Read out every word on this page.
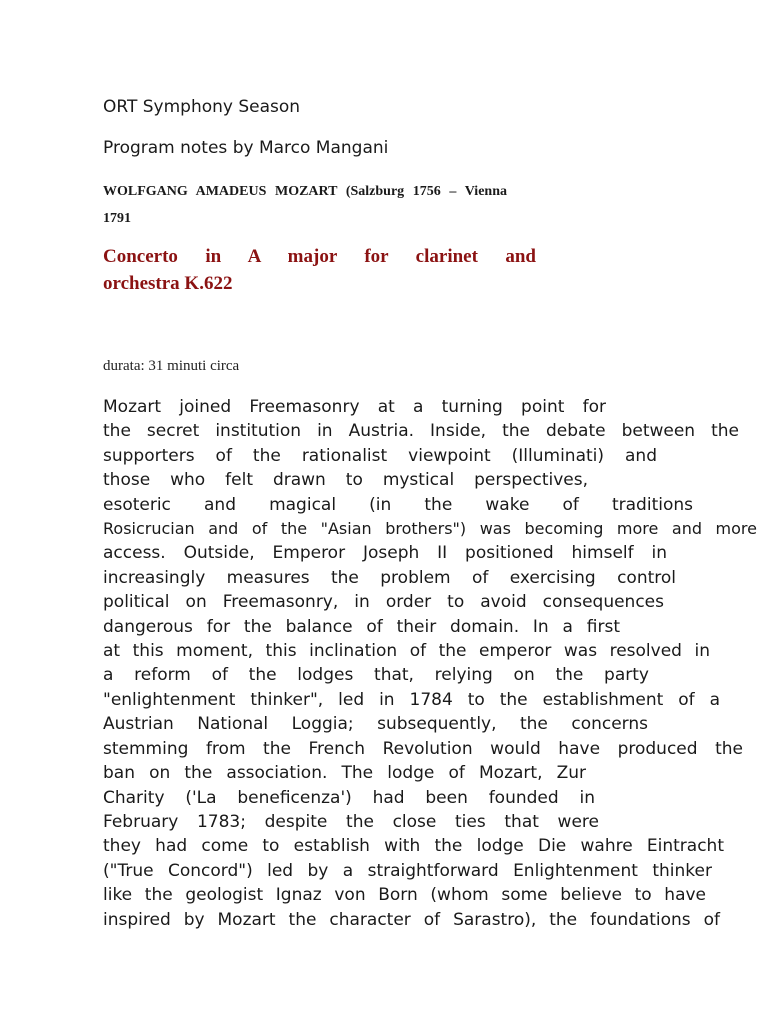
ORT Symphony Season

Program notes by Marco Mangani

WOLFGANG AMADEUS MOZART (Salzburg 1756 – Vienna
1791
Concerto in A major for clarinet and
orchestra K.622

durata: 31 minuti circa

Mozart joined Freemasonry at a turning point for
the secret institution in Austria. Inside, the debate between the
supporters of the rationalist viewpoint (Illuminati) and
those who felt drawn to mystical perspectives,
esoteric and magical (in the wake of traditions
Rosicrucian and of the "Asian brothers") was becoming more and more
access. Outside, Emperor Joseph II positioned himself in
increasingly measures the problem of exercising control
political on Freemasonry, in order to avoid consequences
dangerous for the balance of their domain. In a first
at this moment, this inclination of the emperor was resolved in
a reform of the lodges that, relying on the party
"enlightenment thinker", led in 1784 to the establishment of a
Austrian National Loggia; subsequently, the concerns
stemming from the French Revolution would have produced the
ban on the association. The lodge of Mozart, Zur
Charity ('La beneficenza') had been founded in
February 1783; despite the close ties that were
they had come to establish with the lodge Die wahre Eintracht
("True Concord") led by a straightforward Enlightenment thinker
like the geologist Ignaz von Born (whom some believe to have
inspired by Mozart the character of Sarastro), the foundations of
